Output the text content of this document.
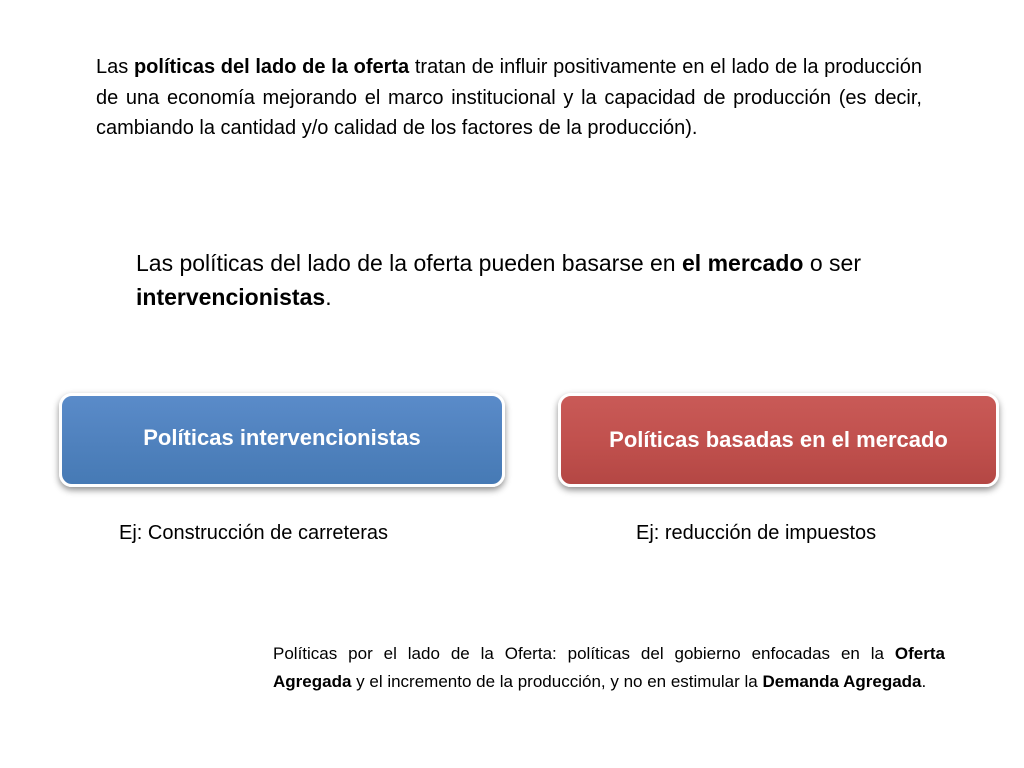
Las políticas del lado de la oferta tratan de influir positivamente en el lado de la producción de una economía mejorando el marco institucional y la capacidad de producción (es decir, cambiando la cantidad y/o calidad de los factores de la producción).

Las políticas del lado de la oferta pueden basarse en el mercado o ser intervencionistas.

Políticas intervencionistas	Políticas basadas en el mercado
Ej: Construcción de carreteras	Ej: reducción de impuestos

Políticas por el lado de la Oferta: políticas del gobierno enfocadas en la Oferta Agregada y el incremento de la producción, y no en estimular la Demanda Agregada.
